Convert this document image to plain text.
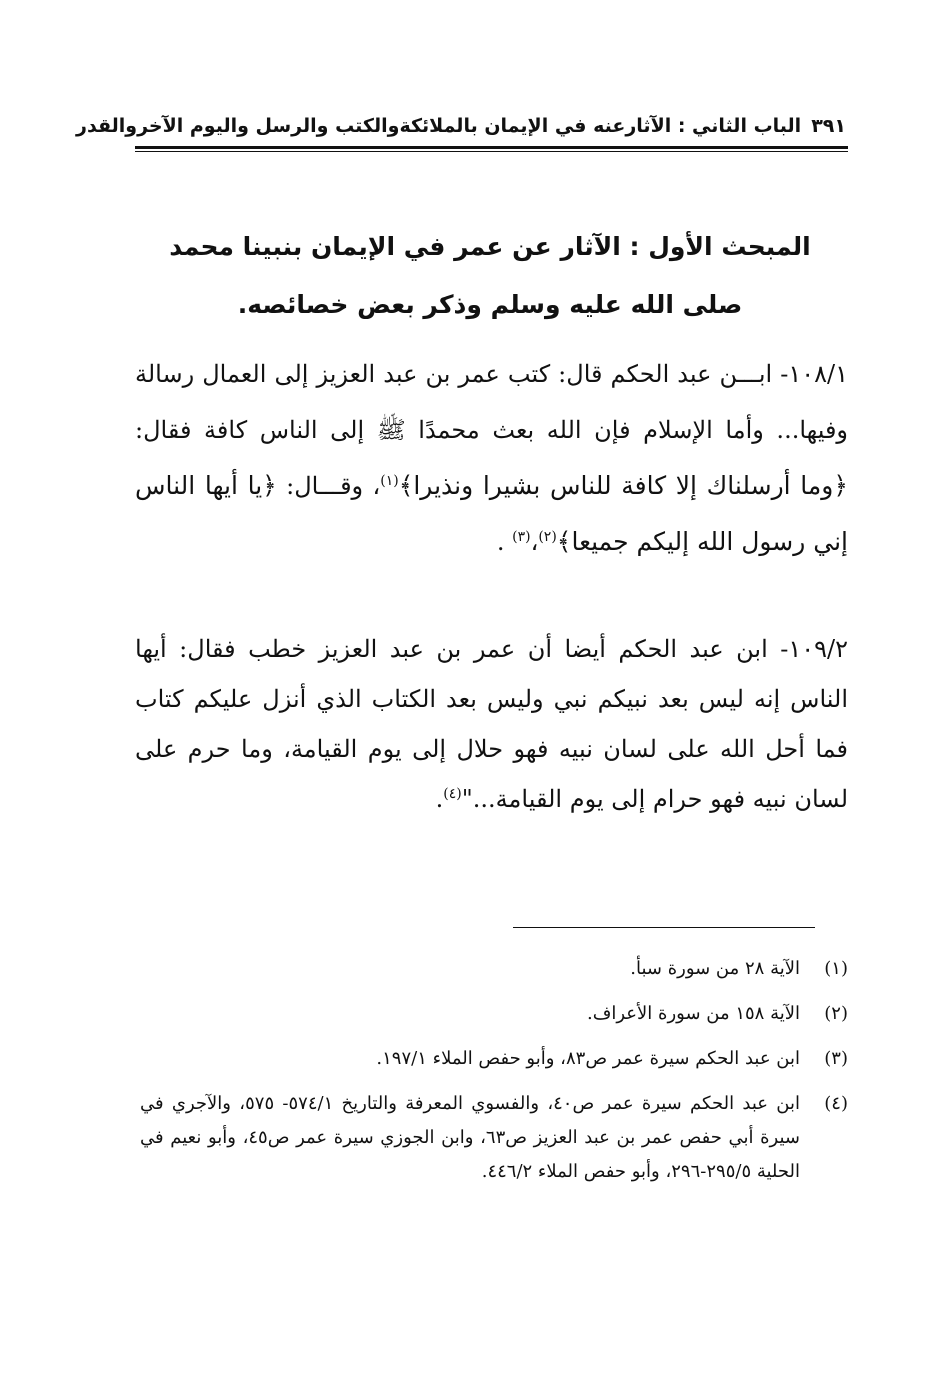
٣٩١الباب الثاني : الآثارعنه في الإيمان بالملائكةوالكتب والرسل واليوم الآخروالقدر
المبحث الأول : الآثار عن عمر في الإيمان بنبينا محمد صلى الله عليه وسلم وذكر بعض خصائصه.
١٠٨/١- ابـــن عبد الحكم قال: كتب عمر بن عبد العزيز إلى العمال رسالة وفيها... وأما الإسلام فإن الله بعث محمدًا ﷺ إلى الناس كافة فقال: ﴿وما أرسلناك إلا كافة للناس بشيرا ونذيرا﴾$^{(١)}$، وقـــال: ﴿يا أيها الناس إني رسول الله إليكم جميعا﴾$^{(٢)}$،$^{(٣)}$ .
١٠٩/٢- ابن عبد الحكم أيضا أن عمر بن عبد العزيز خطب فقال: أيها الناس إنه ليس بعد نبيكم نبي وليس بعد الكتاب الذي أنزل عليكم كتاب فما أحل الله على لسان نبيه فهو حلال إلى يوم القيامة، وما حرم على لسان نبيه فهو حرام إلى يوم القيامة..."$^{(٤)}$.
(١)
الآية ٢٨ من سورة سبأ.
(٢)
الآية ١٥٨ من سورة الأعراف.
(٣)
ابن عبد الحكم سيرة عمر ص٨٣، وأبو حفص الملاء ١٩٧/١.
(٤)
ابن عبد الحكم سيرة عمر ص٤٠، والفسوي المعرفة والتاريخ ٥٧٤/١- ٥٧٥، والآجري في سيرة أبي حفص عمر بن عبد العزيز ص٦٣، وابن الجوزي سيرة عمر ص٤٥، وأبو نعيم في الحلية ٢٩٥/٥-٢٩٦، وأبو حفص الملاء ٤٤٦/٢.
